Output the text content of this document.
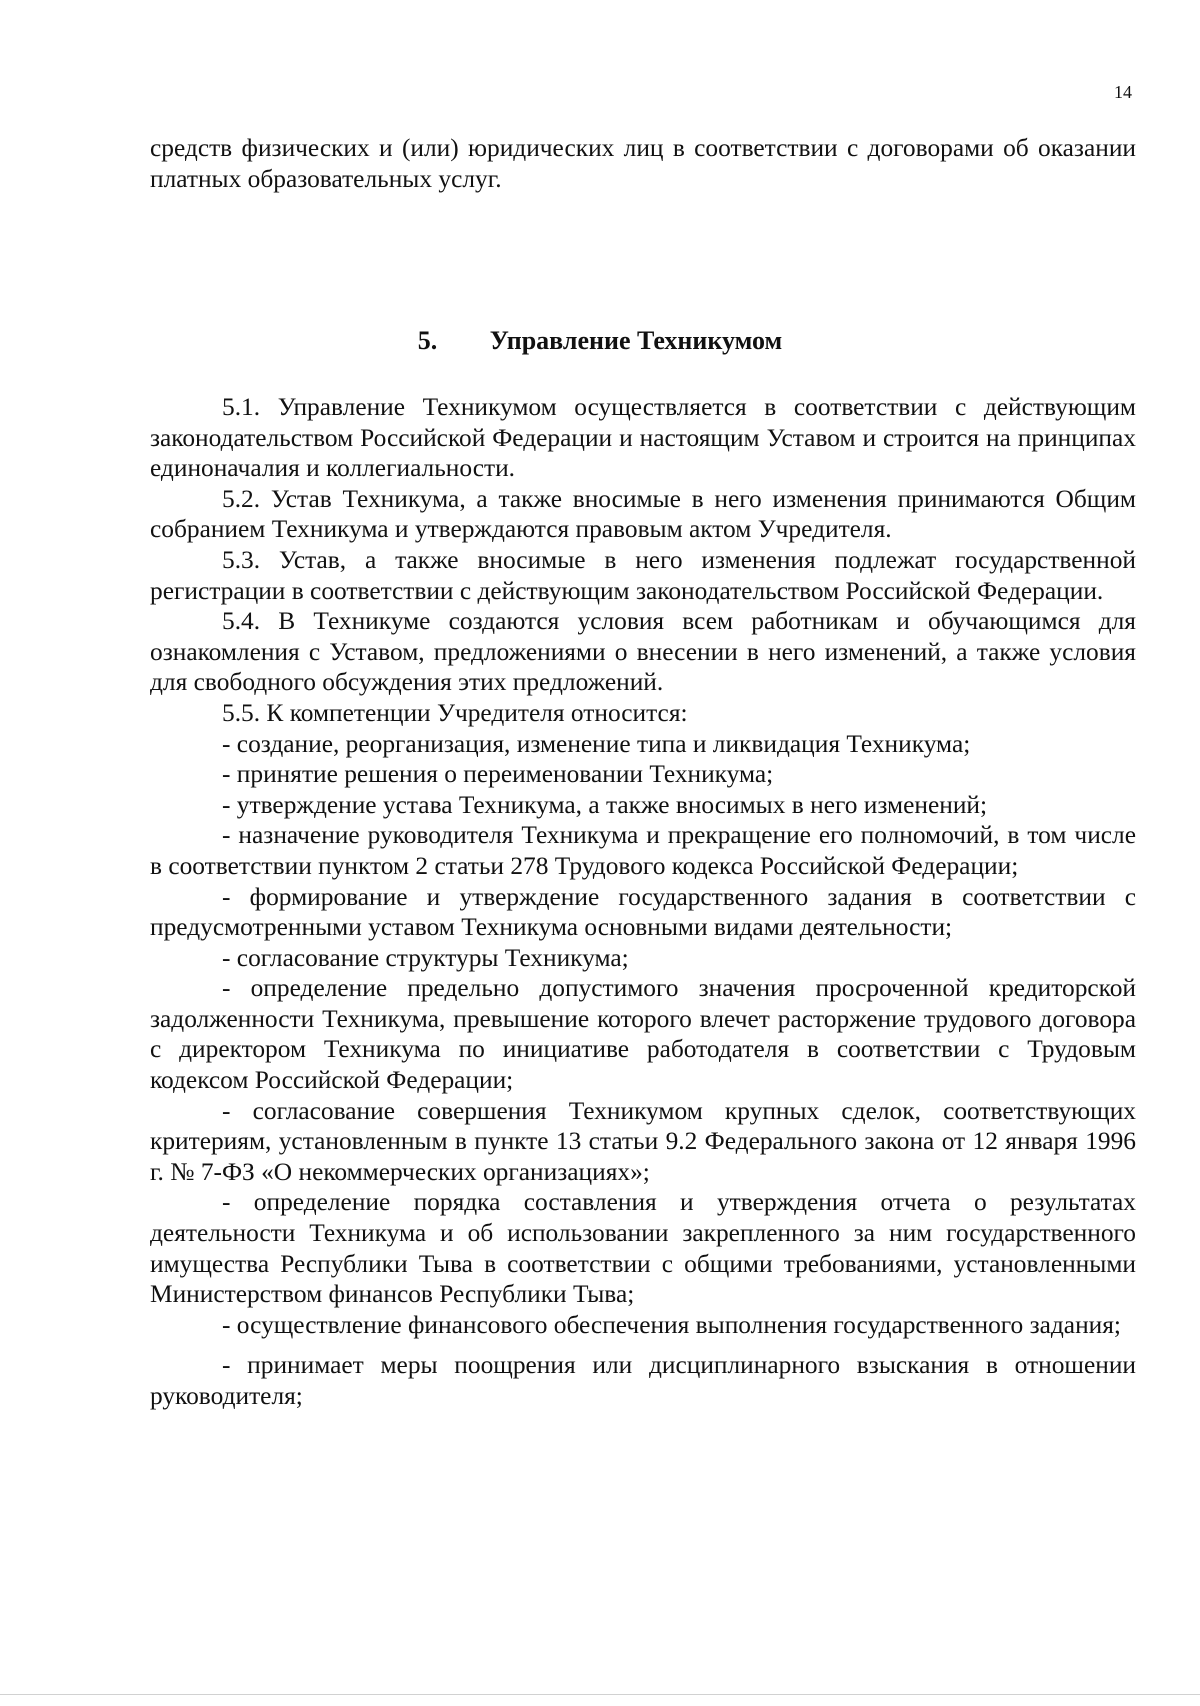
14

средств физических и (или) юридических лиц в соответствии с договорами об оказании платных образовательных услуг.

5. Управление Техникумом

5.1. Управление Техникумом осуществляется в соответствии с действующим законодательством Российской Федерации и настоящим Уставом и строится на принципах единоначалия и коллегиальности.

5.2. Устав Техникума, а также вносимые в него изменения принимаются Общим собранием Техникума и утверждаются правовым актом Учредителя.

5.3. Устав, а также вносимые в него изменения подлежат государственной регистрации в соответствии с действующим законодательством Российской Федерации.

5.4. В Техникуме создаются условия всем работникам и обучающимся для ознакомления с Уставом, предложениями о внесении в него изменений, а также условия для свободного обсуждения этих предложений.

5.5. К компетенции Учредителя относится:

- создание, реорганизация, изменение типа и ликвидация Техникума;

- принятие решения о переименовании Техникума;

- утверждение устава Техникума, а также вносимых в него изменений;

- назначение руководителя Техникума и прекращение его полномочий, в том числе в соответствии пунктом 2 статьи 278 Трудового кодекса Российской Федерации;

- формирование и утверждение государственного задания в соответствии с предусмотренными уставом Техникума основными видами деятельности;

- согласование структуры Техникума;

- определение предельно допустимого значения просроченной кредиторской задолженности Техникума, превышение которого влечет расторжение трудового договора с директором Техникума по инициативе работодателя в соответствии с Трудовым кодексом Российской Федерации;

- согласование совершения Техникумом крупных сделок, соответствующих критериям, установленным в пункте 13 статьи 9.2 Федерального закона от 12 января 1996 г. № 7-ФЗ «О некоммерческих организациях»;

- определение порядка составления и утверждения отчета о результатах деятельности Техникума и об использовании закрепленного за ним государственного имущества Республики Тыва в соответствии с общими требованиями, установленными Министерством финансов Республики Тыва;

- осуществление финансового обеспечения выполнения государственного задания;

- принимает меры поощрения или дисциплинарного взыскания в отношении руководителя;
